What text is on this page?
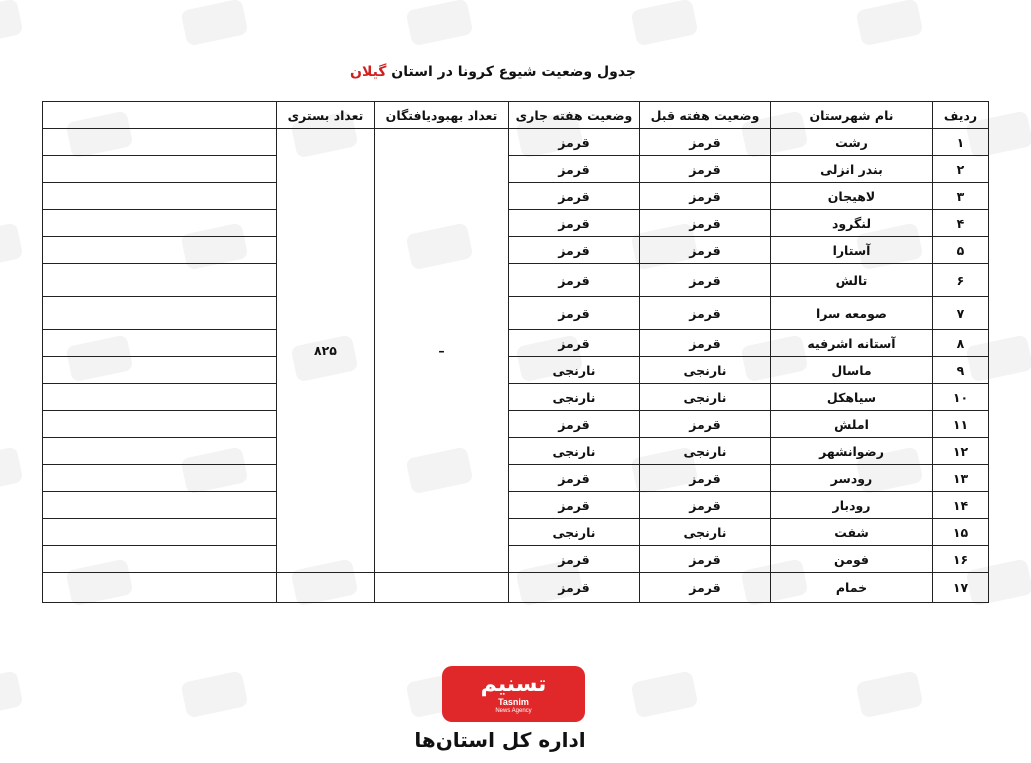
جدول وضعیت شیوع کرونا در استان گیلان
ردیف	نام شهرستان	وضعیت هفته قبل	وضعیت هفته جاری	تعداد بهبودیافتگان	تعداد بستری	
۱	رشت	قرمز	قرمز	–	۸۲۵	
۲	بندر انزلی	قرمز	قرمز			
۳	لاهیجان	قرمز	قرمز			
۴	لنگرود	قرمز	قرمز			
۵	آستارا	قرمز	قرمز			
۶	تالش	قرمز	قرمز			
۷	صومعه سرا	قرمز	قرمز			
۸	آستانه اشرفیه	قرمز	قرمز			
۹	ماسال	نارنجی	نارنجی			
۱۰	سیاهکل	نارنجی	نارنجی			
۱۱	املش	قرمز	قرمز			
۱۲	رضوانشهر	نارنجی	نارنجی			
۱۳	رودسر	قرمز	قرمز			
۱۴	رودبار	قرمز	قرمز			
۱۵	شفت	نارنجی	نارنجی			
۱۶	فومن	قرمز	قرمز			
۱۷	خمام	قرمز	قرمز			
تسنیم
Tasnim
News Agency
اداره کل استان‌ها
